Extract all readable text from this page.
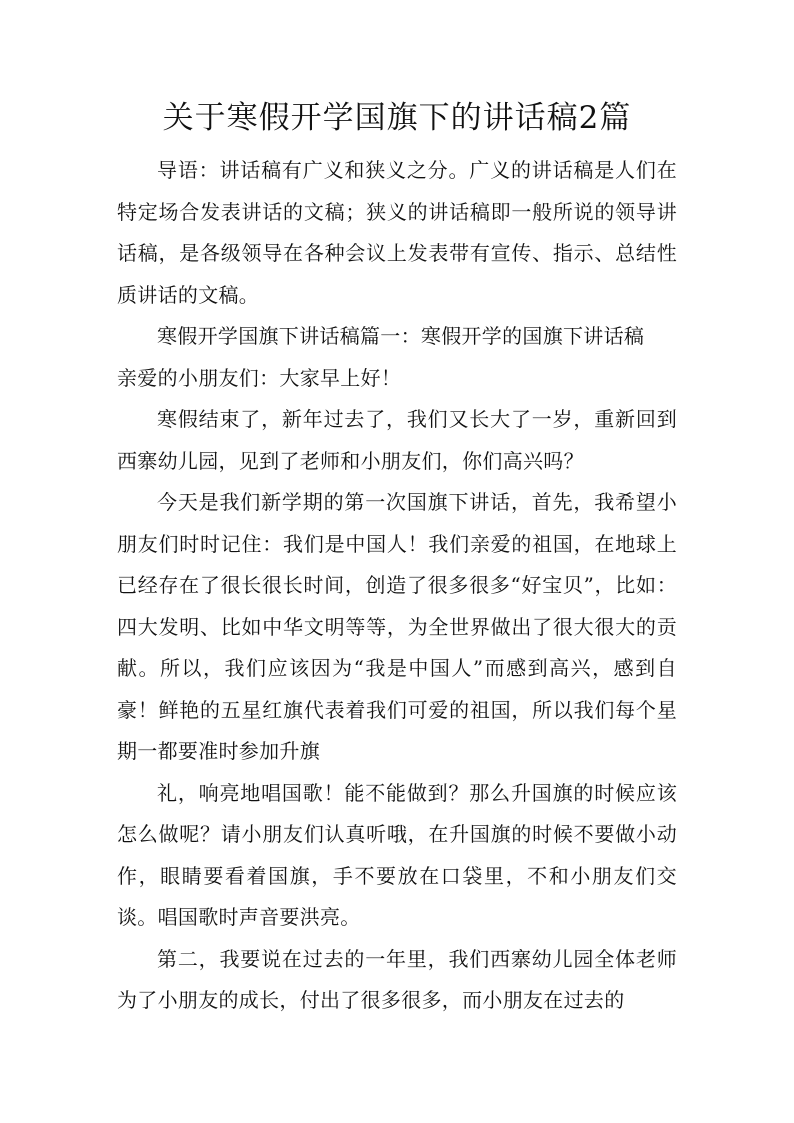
关于寒假开学国旗下的讲话稿2篇

导语：讲话稿有广义和狭义之分。广义的讲话稿是人们在特定场合发表讲话的文稿；狭义的讲话稿即一般所说的领导讲话稿，是各级领导在各种会议上发表带有宣传、指示、总结性质讲话的文稿。

寒假开学国旗下讲话稿篇一：寒假开学的国旗下讲话稿

亲爱的小朋友们：大家早上好！

寒假结束了，新年过去了，我们又长大了一岁，重新回到西寨幼儿园，见到了老师和小朋友们，你们高兴吗？

今天是我们新学期的第一次国旗下讲话，首先，我希望小朋友们时时记住：我们是中国人！我们亲爱的祖国，在地球上已经存在了很长很长时间，创造了很多很多“好宝贝”，比如：四大发明、比如中华文明等等，为全世界做出了很大很大的贡献。所以，我们应该因为“我是中国人”而感到高兴，感到自豪！鲜艳的五星红旗代表着我们可爱的祖国，所以我们每个星期一都要准时参加升旗

礼，响亮地唱国歌！能不能做到？那么升国旗的时候应该怎么做呢？请小朋友们认真听哦，在升国旗的时候不要做小动作，眼睛要看着国旗，手不要放在口袋里，不和小朋友们交谈。唱国歌时声音要洪亮。

第二，我要说在过去的一年里，我们西寨幼儿园全体老师为了小朋友的成长，付出了很多很多，而小朋友在过去的
